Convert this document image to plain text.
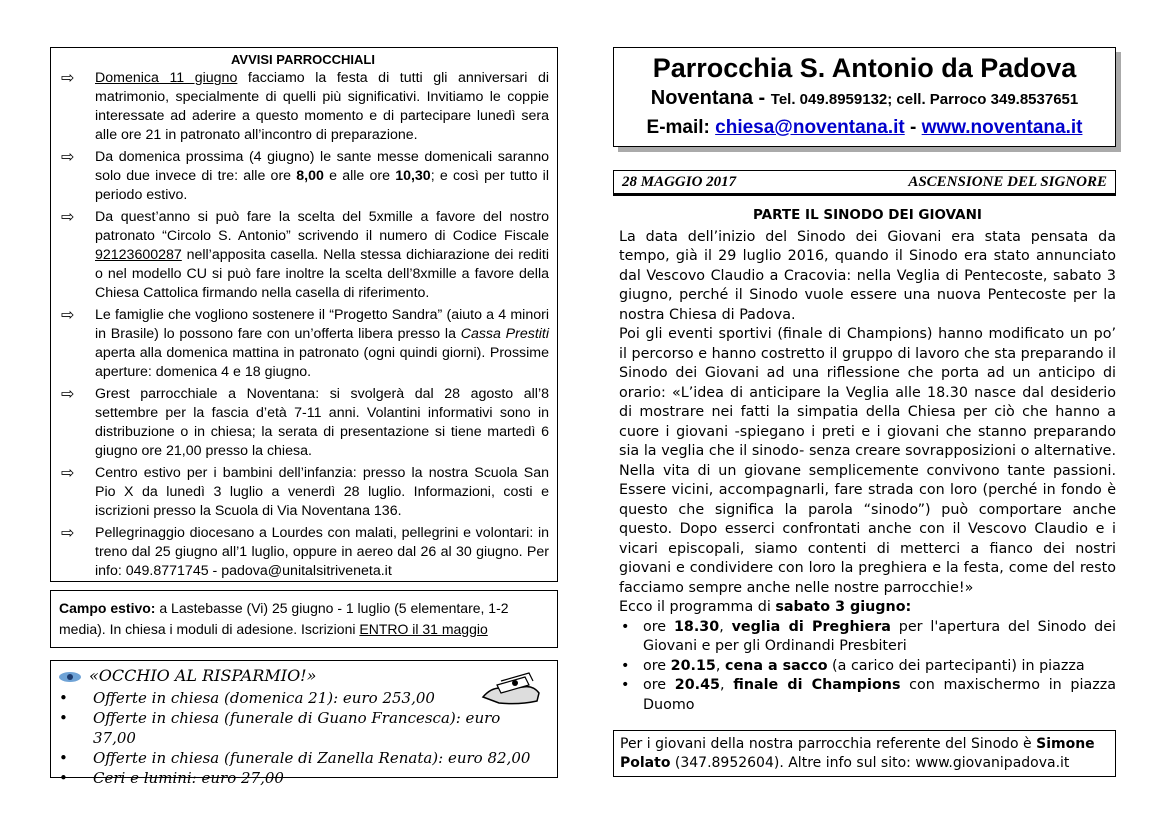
AVVISI PARROCCHIALI
⇨ Domenica 11 giugno facciamo la festa di tutti gli anniversari di matrimonio, specialmente di quelli più significativi. Invitiamo le coppie interessate ad aderire a questo momento e di partecipare lunedì sera alle ore 21 in patronato all’incontro di preparazione.
⇨ Da domenica prossima (4 giugno) le sante messe domenicali saranno solo due invece di tre: alle ore 8,00 e alle ore 10,30; e così per tutto il periodo estivo.
⇨ Da quest’anno si può fare la scelta del 5xmille a favore del nostro patronato “Circolo S. Antonio” scrivendo il numero di Codice Fiscale 92123600287 nell’apposita casella. Nella stessa dichiarazione dei rediti o nel modello CU si può fare inoltre la scelta dell’8xmille a favore della Chiesa Cattolica firmando nella casella di riferimento.
⇨ Le famiglie che vogliono sostenere il “Progetto Sandra” (aiuto a 4 minori in Brasile) lo possono fare con un’offerta libera presso la Cassa Prestiti aperta alla domenica mattina in patronato (ogni quindi giorni). Prossime aperture: domenica 4 e 18 giugno.
⇨ Grest parrocchiale a Noventana: si svolgerà dal 28 agosto all’8 settembre per la fascia d’età 7-11 anni. Volantini informativi sono in distribuzione o in chiesa; la serata di presentazione si tiene martedì 6 giugno ore 21,00 presso la chiesa.
⇨ Centro estivo per i bambini dell’infanzia: presso la nostra Scuola San Pio X da lunedì 3 luglio a venerdì 28 luglio. Informazioni, costi e iscrizioni presso la Scuola di Via Noventana 136.
⇨ Pellegrinaggio diocesano a Lourdes con malati, pellegrini e volontari: in treno dal 25 giugno all’1 luglio, oppure in aereo dal 26 al 30 giugno. Per info: 049.8771745 - padova@unitalsitriveneta.it
Campo estivo: a Lastebasse (Vi) 25 giugno - 1 luglio (5 elementare, 1-2 media). In chiesa i moduli di adesione. Iscrizioni ENTRO il 31 maggio
«OCCHIO AL RISPARMIO!»
• Offerte in chiesa (domenica 21): euro 253,00
• Offerte in chiesa (funerale di Guano Francesca): euro 37,00
• Offerte in chiesa (funerale di Zanella Renata): euro 82,00
• Ceri e lumini: euro 27,00
Parrocchia S. Antonio da Padova
Noventana - Tel. 049.8959132; cell. Parroco 349.8537651
E-mail: chiesa@noventana.it - www.noventana.it
28 MAGGIO 2017	ASCENSIONE DEL SIGNORE
PARTE IL SINODO DEI GIOVANI

La data dell’inizio del Sinodo dei Giovani era stata pensata da tempo, già il 29 luglio 2016, quando il Sinodo era stato annunciato dal Vescovo Claudio a Cracovia: nella Veglia di Pentecoste, sabato 3 giugno, perché il Sinodo vuole essere una nuova Pentecoste per la nostra Chiesa di Padova.

Poi gli eventi sportivi (finale di Champions) hanno modificato un po’ il percorso e hanno costretto il gruppo di lavoro che sta preparando il Sinodo dei Giovani ad una riflessione che porta ad un anticipo di orario: «L’idea di anticipare la Veglia alle 18.30 nasce dal desiderio di mostrare nei fatti la simpatia della Chiesa per ciò che hanno a cuore i giovani -spiegano i preti e i giovani che stanno preparando sia la veglia che il sinodo- senza creare sovrapposizioni o alternative. Nella vita di un giovane semplicemente convivono tante passioni. Essere vicini, accompagnarli, fare strada con loro (perché in fondo è questo che significa la parola “sinodo”) può comportare anche questo. Dopo esserci confrontati anche con il Vescovo Claudio e i vicari episcopali, siamo contenti di metterci a fianco dei nostri giovani e condividere con loro la preghiera e la festa, come del resto facciamo sempre anche nelle nostre parrocchie!»

Ecco il programma di sabato 3 giugno:

• ore 18.30, veglia di Preghiera per l'apertura del Sinodo dei Giovani e per gli Ordinandi Presbiteri
• ore 20.15, cena a sacco (a carico dei partecipanti) in piazza
• ore 20.45, finale di Champions con maxischermo in piazza Duomo
Per i giovani della nostra parrocchia referente del Sinodo è Simone Polato (347.8952604). Altre info sul sito: www.giovanipadova.it
